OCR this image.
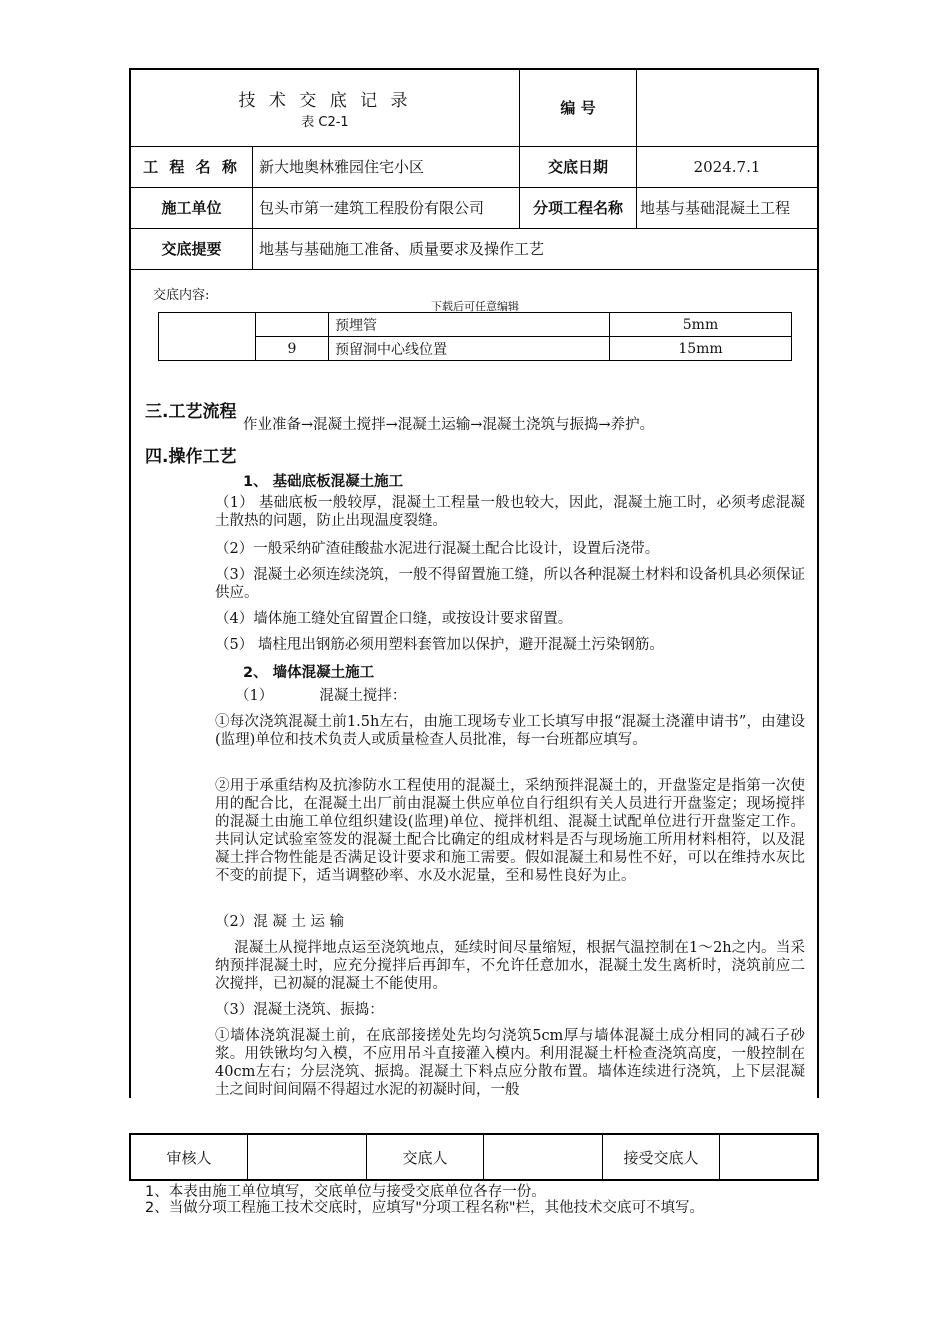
技 术 交 底 记 录
表 C2-1	编 号	

工 程 名 称 新大地奥林雅园住宅小区	交底日期	2024.7.1

施工单位 包头市第一建筑工程股份有限公司	分项工程名称	地基与基础混凝土工程

交底提要 地基与基础施工准备、质量要求及操作工艺		
交底内容:
下载后可任意编辑
		预埋管	5mm
	9	预留洞中心线位置	15mm
三.工艺流程
作业准备→混凝土搅拌→混凝土运输→混凝土浇筑与振捣→养护。
四.操作工艺
1、 基础底板混凝土施工
（1） 基础底板一般较厚，混凝土工程量一般也较大，因此，混凝土施工时，必须考虑混凝土散热的问题，防止出现温度裂缝。
（2）一般采纳矿渣硅酸盐水泥进行混凝土配合比设计，设置后浇带。
（3）混凝土必须连续浇筑，一般不得留置施工缝，所以各种混凝土材料和设备机具必须保证供应。
（4）墙体施工缝处宜留置企口缝，或按设计要求留置。
（5） 墙柱甩出钢筋必须用塑料套管加以保护，避开混凝土污染钢筋。
2、 墙体混凝土施工
（1）          混凝土搅拌：
①每次浇筑混凝土前1.5h左右，由施工现场专业工长填写申报“混凝土浇灌申请书”，由建设(监理)单位和技术负责人或质量检查人员批准，每一台班都应填写。
②用于承重结构及抗渗防水工程使用的混凝土，采纳预拌混凝土的，开盘鉴定是指第一次使用的配合比，在混凝土出厂前由混凝土供应单位自行组织有关人员进行开盘鉴定；现场搅拌的混凝土由施工单位组织建设(监理)单位、搅拌机组、混凝土试配单位进行开盘鉴定工作。共同认定试验室签发的混凝土配合比确定的组成材料是否与现场施工所用材料相符，以及混凝土拌合物性能是否满足设计要求和施工需要。假如混凝土和易性不好，可以在维持水灰比不变的前提下，适当调整砂率、水及水泥量，至和易性良好为止。
（2）混 凝 土 运 输
混凝土从搅拌地点运至浇筑地点，延续时间尽量缩短，根据气温控制在1～2h之内。当采纳预拌混凝土时，应充分搅拌后再卸车，不允许任意加水，混凝土发生离析时，浇筑前应二次搅拌，已初凝的混凝土不能使用。
（3）混凝土浇筑、振捣：
①墙体浇筑混凝土前，在底部接搓处先均匀浇筑5cm厚与墙体混凝土成分相同的减石子砂浆。用铁锹均匀入模，不应用吊斗直接灌入模内。利用混凝土杆检查浇筑高度，一般控制在40cm左右；分层浇筑、振捣。混凝土下料点应分散布置。墙体连续进行浇筑，上下层混凝土之间时间间隔不得超过水泥的初凝时间，一般
审核人		交底人		接受交底人	
1、本表由施工单位填写，交底单位与接受交底单位各存一份。
2、当做分项工程施工技术交底时，应填写"分项工程名称"栏，其他技术交底可不填写。
